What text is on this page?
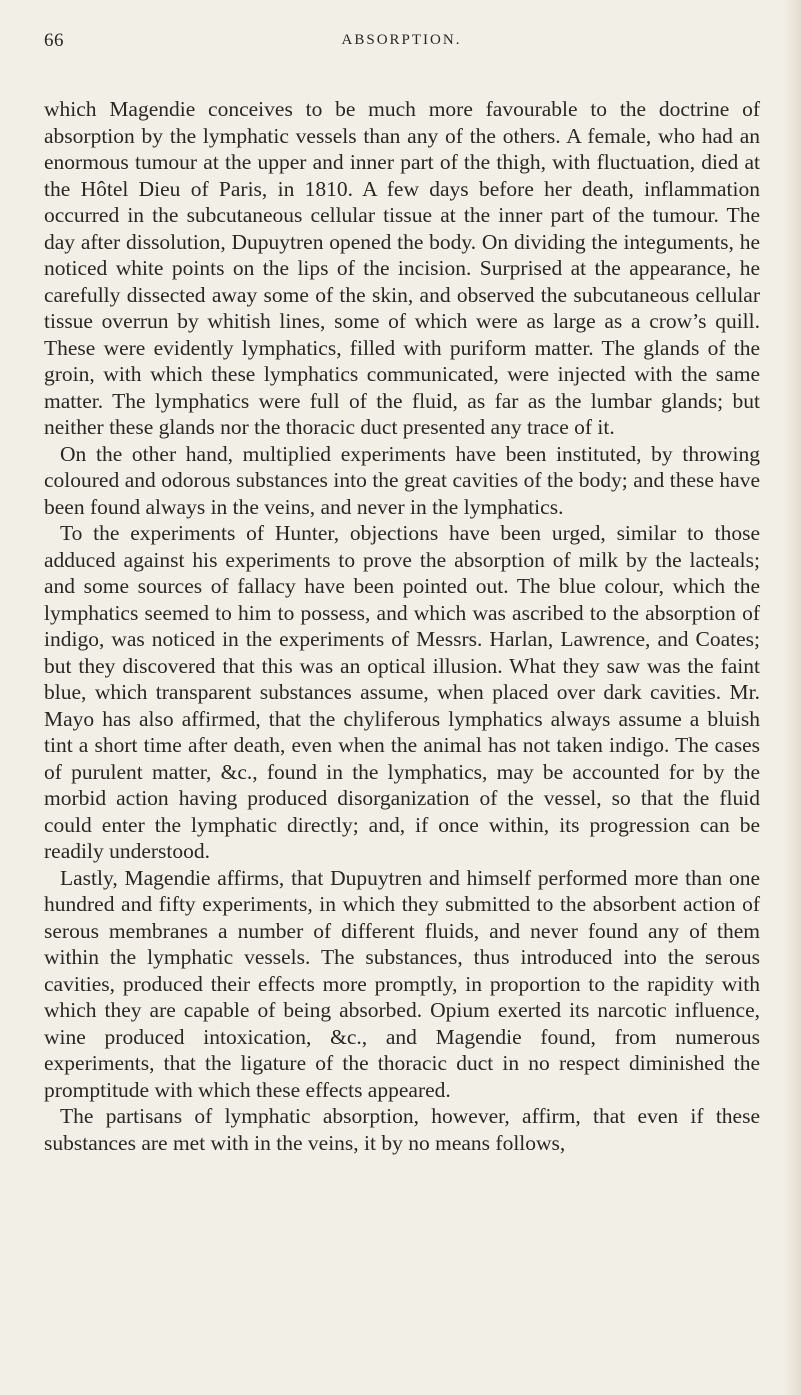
66	ABSORPTION.

which Magendie conceives to be much more favourable to the doctrine of absorption by the lymphatic vessels than any of the others. A female, who had an enormous tumour at the upper and inner part of the thigh, with fluctuation, died at the Hôtel Dieu of Paris, in 1810. A few days before her death, inflammation occurred in the subcutaneous cellular tissue at the inner part of the tumour. The day after dissolution, Dupuytren opened the body. On dividing the integuments, he noticed white points on the lips of the incision. Surprised at the appearance, he carefully dissected away some of the skin, and observed the subcutaneous cellular tissue overrun by whitish lines, some of which were as large as a crow’s quill. These were evidently lymphatics, filled with puriform matter. The glands of the groin, with which these lymphatics communicated, were injected with the same matter. The lymphatics were full of the fluid, as far as the lumbar glands; but neither these glands nor the thoracic duct presented any trace of it.

On the other hand, multiplied experiments have been instituted, by throwing coloured and odorous substances into the great cavities of the body; and these have been found always in the veins, and never in the lymphatics.

To the experiments of Hunter, objections have been urged, similar to those adduced against his experiments to prove the absorption of milk by the lacteals; and some sources of fallacy have been pointed out. The blue colour, which the lymphatics seemed to him to possess, and which was ascribed to the absorption of indigo, was noticed in the experiments of Messrs. Harlan, Lawrence, and Coates; but they discovered that this was an optical illusion. What they saw was the faint blue, which transparent substances assume, when placed over dark cavities. Mr. Mayo has also affirmed, that the chyliferous lymphatics always assume a bluish tint a short time after death, even when the animal has not taken indigo. The cases of purulent matter, &c., found in the lymphatics, may be accounted for by the morbid action having produced disorganization of the vessel, so that the fluid could enter the lymphatic directly; and, if once within, its progression can be readily understood.

Lastly, Magendie affirms, that Dupuytren and himself performed more than one hundred and fifty experiments, in which they submitted to the absorbent action of serous membranes a number of different fluids, and never found any of them within the lymphatic vessels. The substances, thus introduced into the serous cavities, produced their effects more promptly, in proportion to the rapidity with which they are capable of being absorbed. Opium exerted its narcotic influence, wine produced intoxication, &c., and Magendie found, from numerous experiments, that the ligature of the thoracic duct in no respect diminished the promptitude with which these effects appeared.

The partisans of lymphatic absorption, however, affirm, that even if these substances are met with in the veins, it by no means follows,
